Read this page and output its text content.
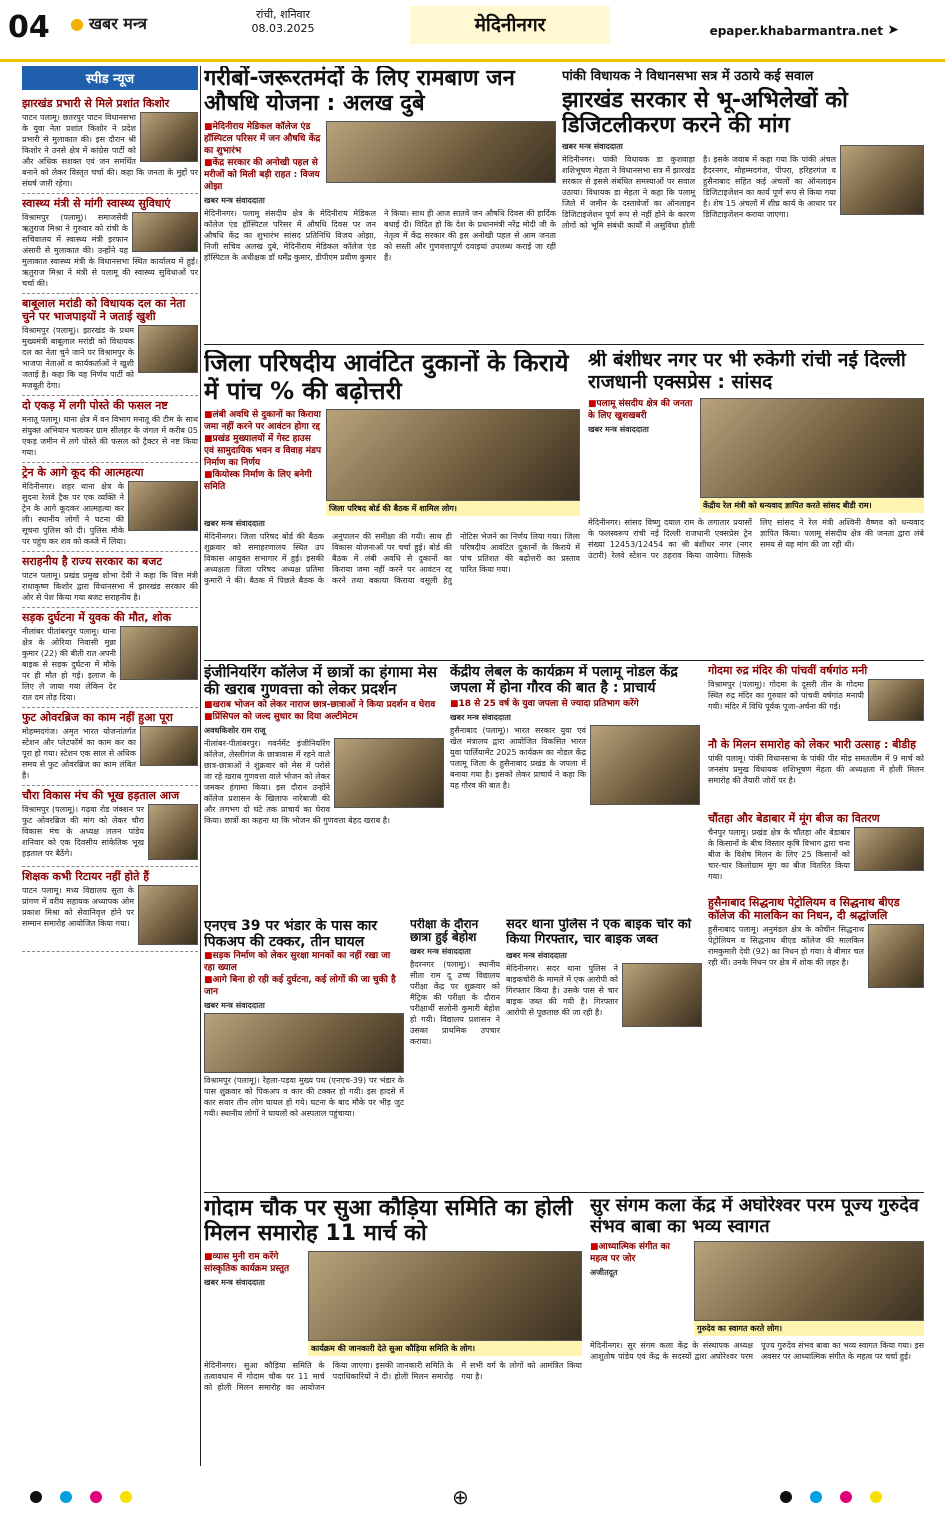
04
●	खबर मन्त्र	रांची, शनिवार
08.03.2025	मेदिनीनगर	epaper.khabarmantra.net ➤
स्पीड न्यूज
झारखंड प्रभारी से मिले प्रशांत किशोर
पाटन पलामू। छतरपुर पाटन विधानसभा के युवा नेता प्रशांत किशोर ने प्रदेश प्रभारी से मुलाकात की। इस दौरान श्री किशोर ने उनसे क्षेत्र में कांग्रेस पार्टी को और अधिक सशक्त एवं जन समर्थित बनाने को लेकर विस्तृत चर्चा की। कहा कि जनता के मुद्दों पर संघर्ष जारी रहेगा।
स्वास्थ्य मंत्री से मांगी स्वास्थ्य सुविधाएं
विश्रामपुर (पलामू)। समाजसेवी ऋतुराज मिश्रा ने गुरुवार को रांची के सचिवालय में स्वास्थ्य मंत्री इरफान अंसारी से मुलाकात की। उन्होंने यह मुलाकात स्वास्थ्य मंत्री के विधानसभा स्थित कार्यालय में हुई। ऋतुराज मिश्रा ने मंत्री से पलामू की स्वास्थ्य सुविधाओं पर चर्चा की।
बाबूलाल मरांडी को विधायक दल का नेता चुने पर भाजपाइयों ने जताई खुशी
विश्रामपुर (पलामू)। झारखंड के प्रथम मुख्यमंत्री बाबूलाल मरांडी को विधायक दल का नेता चुने जाने पर विश्रामपुर के भाजपा नेताओं व कार्यकर्ताओं ने खुशी जताई है। कहा कि यह निर्णय पार्टी को मजबूती देगा।
दो एकड़ में लगी पोस्ते की फसल नष्ट
मनातू पलामू। थाना क्षेत्र में वन विभाग मनातू की टीम के साथ संयुक्त अभियान चलाकर ग्राम सीलहर के जंगल में करीब 05 एकड़ जमीन में लगे पोस्ते की फसल को ट्रैक्टर से नष्ट किया गया।
ट्रेन के आगे कूद की आत्महत्या
मेदिनीनगर। शहर थाना क्षेत्र के सुदना रेलवे ट्रैक पर एक व्यक्ति ने ट्रेन के आगे कूदकर आत्महत्या कर ली। स्थानीय लोगों ने घटना की सूचना पुलिस को दी। पुलिस मौके पर पहुंच कर शव को कब्जे में लिया।
सराहनीय है राज्य सरकार का बजट
पाटन पलामू। प्रखंड प्रमुख शोभा देवी ने कहा कि वित्त मंत्री राधाकृष्ण किशोर द्वारा विधानसभा में झारखंड सरकार की ओर से पेश किया गया बजट सराहनीय है।
सड़क दुर्घटना में युवक की मौत, शोक
नीलांबर पीतांबरपुर पलामू। थाना क्षेत्र के ओरिया निवासी मुन्ना कुमार (22) की बीती रात अपनी बाइक से सड़क दुर्घटना में मौके पर ही मौत हो गई। इलाज के लिए ले जाया गया लेकिन देर रात दम तोड़ दिया।
फुट ओवरब्रिज का काम नहीं हुआ पूरा
मोहम्मदगंज। अमृत भारत योजनांतर्गत स्टेशन और प्लेटफॉर्म का काम कर का पूरा हो गया। स्टेशन एक साल से अधिक समय से फुट ओवरब्रिज का काम लंबित है।
चौरा विकास मंच की भूख हड़ताल आज
विश्रामपुर (पलामू)। गढ़वा रोड जंक्शन पर फुट ओवरब्रिज की मांग को लेकर चौरा विकास मंच के अध्यक्ष ललन पांडेय शनिवार को एक दिवसीय सांकेतिक भूख हड़ताल पर बैठेंगे।
शिक्षक कभी रिटायर नहीं होते हैं
पाटन पलामू। मध्य विद्यालय सुता के प्रांगण में वरीय सहायक अध्यापक ओम प्रकाश मिश्रा को सेवानिवृत्त होने पर सम्मान समारोह आयोजित किया गया।
गरीबों-जरूरतमंदों के लिए रामबाण जन औषधि योजना : अलख दुबे
■ मेदिनीराय मेडिकल कॉलेज एंड हॉस्पिटल परिसर में जन औषधि केंद्र का शुभारंभ
■ केंद्र सरकार की अनोखी पहल से मरीजों को मिली बड़ी राहत : विजय ओझा
खबर मन्त्र संवाददाता
मेदिनीनगर। पलामू संसदीय क्षेत्र के मेदिनीराय मेडिकल कॉलेज एंड हॉस्पिटल परिसर में औषधि दिवस पर जन औषधि केंद्र का शुभारंभ सांसद प्रतिनिधि विजय ओझा, निजी सचिव अलख दुबे, मेदिनीराय मेडिकल कॉलेज एंड हॉस्पिटल के अधीक्षक डॉ धर्मेंद्र कुमार, डीपीएम प्रवीण कुमार ने किया। साथ ही आज सातवें जन औषधि दिवस की हार्दिक बधाई दी। विदित हो कि देश के प्रधानमंत्री नरेंद्र मोदी जी के नेतृत्व में केंद्र सरकार की इस अनोखी पहल से आम जनता को सस्ती और गुणवत्तापूर्ण दवाइयां उपलब्ध कराई जा रही हैं।
पांकी विधायक ने विधानसभा सत्र में उठाये कई सवाल
झारखंड सरकार से भू-अभिलेखों को डिजिटलीकरण करने की मांग
खबर मन्त्र संवाददाता
मेदिनीनगर। पांकी विधायक डा कुशवाहा शशिभूषण मेहता ने विधानसभा सत्र में झारखंड सरकार से इससे संबंधित समस्याओं पर सवाल उठाया। विधायक डा मेहता ने कहा कि पलामू जिले में जमीन के दस्तावेजों का ऑनलाइन डिजिटाइजेशन पूर्ण रूप से नहीं होने के कारण लोगों को भूमि संबंधी कार्यों में असुविधा होती है। इसके जवाब में कहा गया कि पांकी अंचल हैदरनगर, मोहम्मदगंज, पीपरा, हरिहरगंज व हुसैनाबाद सहित कई अंचलों का ऑनलाइन डिजिटाइजेशन का कार्य पूर्ण रूप से किया गया है। शेष 15 अंचलों में शीघ्र कार्य के आधार पर डिजिटाइजेशन कराया जाएगा।
जिला परिषदीय आवंटित दुकानों के किराये में पांच % की बढ़ोत्तरी
■ लंबी अवधि से दुकानों का किराया जमा नहीं करने पर आवंटन होगा रद्द
■ प्रखंड मुख्यालयों में गेस्ट हाउस एवं सामुदायिक भवन व विवाह मंडप निर्माण का निर्णय
■ कियोस्क निर्माण के लिए बनेगी समिति
जिला परिषद बोर्ड की बैठक में शामिल लोग।
खबर मन्त्र संवाददाता
मेदिनीनगर। जिला परिषद बोर्ड की बैठक शुक्रवार को समाहरणालय स्थित उप विकास आयुक्त सभागार में हुई। इसकी अध्यक्षता जिला परिषद अध्यक्ष प्रतिमा कुमारी ने की। बैठक में पिछले बैठक के अनुपालन की समीक्षा की गयी। साथ ही विकास योजनाओं पर चर्चा हुई। बोर्ड की बैठक में लंबी अवधि से दुकानों का किराया जमा नहीं करने पर आवंटन रद्द करने तथा बकाया किराया वसूली हेतु नोटिस भेजने का निर्णय लिया गया। जिला परिषदीय आवंटित दुकानों के किराये में पांच प्रतिशत की बढ़ोत्तरी का प्रस्ताव पारित किया गया।
श्री बंशीधर नगर पर भी रुकेगी रांची नई दिल्ली राजधानी एक्सप्रेस : सांसद
■ पलामू संसदीय क्षेत्र की जनता के लिए खुशखबरी
खबर मन्त्र संवाददाता
केंद्रीय रेल मंत्री को धन्यवाद ज्ञापित करते सांसद बीडी राम।
मेदिनीनगर। सांसद विष्णु दयाल राम के लगातार प्रयासों के फलस्वरूप रांची नई दिल्ली राजधानी एक्सप्रेस ट्रेन संख्या 12453/12454 का श्री बंशीधर नगर (नगर उंटारी) रेलवे स्टेशन पर ठहराव किया जायेगा। जिसके लिए सांसद ने रेल मंत्री अश्विनी वैष्णव को धन्यवाद ज्ञापित किया। पलामू संसदीय क्षेत्र की जनता द्वारा लंबे समय से यह मांग की जा रही थी।
इंजीनियरिंग कॉलेज में छात्रों का हंगामा मेस की खराब गुणवत्ता को लेकर प्रदर्शन
■ खराब भोजन को लेकर नाराज छात्र-छात्राओं ने किया प्रदर्शन व घेराव
■ प्रिंसिपल को जल्द सुधार का दिया अल्टीमेटम
अवधकिशोर राम राजू
नीलांबर-पीतांबरपुर। गवर्नमेंट इंजीनियरिंग कॉलेज, लेस्लीगंज के छात्रावास में रहने वाले छात्र-छात्राओं ने शुक्रवार को मेस में परोसे जा रहे खराब गुणवत्ता वाले भोजन को लेकर जमकर हंगामा किया। इस दौरान उन्होंने कॉलेज प्रशासन के खिलाफ नारेबाजी की और लगभग दो घंटे तक प्राचार्य का घेराव किया। छात्रों का कहना था कि भोजन की गुणवत्ता बेहद खराब है।
केंद्रीय लेबल के कार्यक्रम में पलामू नोडल केंद्र जपला में होना गौरव की बात है : प्राचार्य
■ 18 से 25 वर्ष के युवा जपला से ज्यादा प्रतिभाग करेंगे
खबर मन्त्र संवाददाता
हुसैनाबाद (पलामू)। भारत सरकार युवा एवं खेल मंत्रालय द्वारा आयोजित विकसित भारत युवा पार्लियामेंट 2025 कार्यक्रम का नोडल केंद्र पलामू जिला के हुसैनाबाद प्रखंड के जपला में बनाया गया है। इसको लेकर प्राचार्य ने कहा कि यह गौरव की बात है।
गोदमा रुद्र मंदिर की पांचवीं वर्षगांठ मनी
विश्रामपुर (पलामू)। गोदमा के दूसरी तीन के गोदमा स्थित रुद्र मंदिर का गुरुवार को पांचवी वर्षगांठ मनायी गयी। मंदिर में विधि पूर्वक पूजा-अर्चना की गई।
नौ के मिलन समारोह को लेकर भारी उत्साह : बीडीह
पांकी पलामू। पांकी विधानसभा के पांकी पीर मोड़ समतलीम में 9 मार्च को जनसंघ प्रमुख विधायक शशिभूषण मेहता की अध्यक्षता में होली मिलन समारोह की तैयारी जोरों पर है।
चौंतहा और बेडाबार में मूंग बीज का वितरण
चैनपुर पलामू। प्रखंड क्षेत्र के चौंतहा और बेडाबार के किसानों के बीच विस्तार कृषि विभाग द्वारा चना बीज के विशेष मिलन के लिए 25 किसानों को चार-चार किलोग्राम मूंग का बीज वितरित किया गया।
हुसैनाबाद सिद्धनाथ पेट्रोलियम व सिद्धनाथ बीएड कॉलेज की मालकिन का निधन, दी श्रद्धांजलि
हुसैनाबाद पलामू। अनुमंडल क्षेत्र के कोचीन सिद्धनाथ पेट्रोलियम व सिद्धनाथ बीएड कॉलेज की मालकिन रामकुमारी देवी (92) का निधन हो गया। वे बीमार चल रही थीं। उनके निधन पर क्षेत्र में शोक की लहर है।
एनएच 39 पर भंडार के पास कार पिकअप की टक्कर, तीन घायल
■ सड़क निर्माण को लेकर सुरक्षा मानकों का नहीं रखा जा रहा ख्याल
■ आगे बिना हो रही कई दुर्घटना, कई लोगों की जा चुकी है जान
खबर मन्त्र संवाददाता
विश्रामपुर (पलामू)। रेहला-पड़वा मुख्य पथ (एनएच-39) पर भंडार के पास शुक्रवार को पिकअप व कार की टक्कर हो गयी। इस हादसे में कार सवार तीन लोग घायल हो गये। घटना के बाद मौके पर भीड़ जुट गयी। स्थानीय लोगों ने घायलों को अस्पताल पहुंचाया।
परीक्षा के दौरान छात्रा हुई बेहोश
खबर मन्त्र संवाददाता
हैदरनगर (पलामू)। स्थानीय सीता राम दू उच्च विद्यालय परीक्षा केंद्र पर शुक्रवार को मैट्रिक की परीक्षा के दौरान परीक्षार्थी सलोनी कुमारी बेहोश हो गयी। विद्यालय प्रशासन ने उसका प्राथमिक उपचार कराया।
सदर थाना पुलिस ने एक बाइक चोर को किया गिरफ्तार, चार बाइक जब्त
खबर मन्त्र संवाददाता
मेदिनीनगर। सदर थाना पुलिस ने बाइकचोरी के मामले में एक आरोपी को गिरफ्तार किया है। उसके पास से चार बाइक जब्त की गयी है। गिरफ्तार आरोपी से पूछताछ की जा रही है।
गोदाम चौक पर सुआ कौड़िया समिति का होली मिलन समारोह 11 मार्च को
■ व्यास मुनी राम करेंगे सांस्कृतिक कार्यक्रम प्रस्तुत
खबर मन्त्र संवाददाता
कार्यक्रम की जानकारी देते सुआ कौड़िया समिति के लोग।
मेदिनीनगर। सुआ कौड़िया समिति के तत्वावधान में गोदाम चौक पर 11 मार्च को होली मिलन समारोह का आयोजन किया जाएगा। इसकी जानकारी समिति के पदाधिकारियों ने दी। होली मिलन समारोह में सभी वर्ग के लोगों को आमंत्रित किया गया है।
सुर संगम कला केंद्र में अघोरेश्वर परम पूज्य गुरुदेव संभव बाबा का भव्य स्वागत
■ आध्यात्मिक संगीत का महत्व पर जोर
अजीतदूत
गुरुदेव का स्वागत करते लोग।
मेदिनीनगर। सुर संगम कला केंद्र के संस्थापक अध्यक्ष आशुतोष पांडेय एवं केंद्र के सदस्यों द्वारा अघोरेश्वर परम पूज्य गुरुदेव संभव बाबा का भव्य स्वागत किया गया। इस अवसर पर आध्यात्मिक संगीत के महत्व पर चर्चा हुई।
⊕
